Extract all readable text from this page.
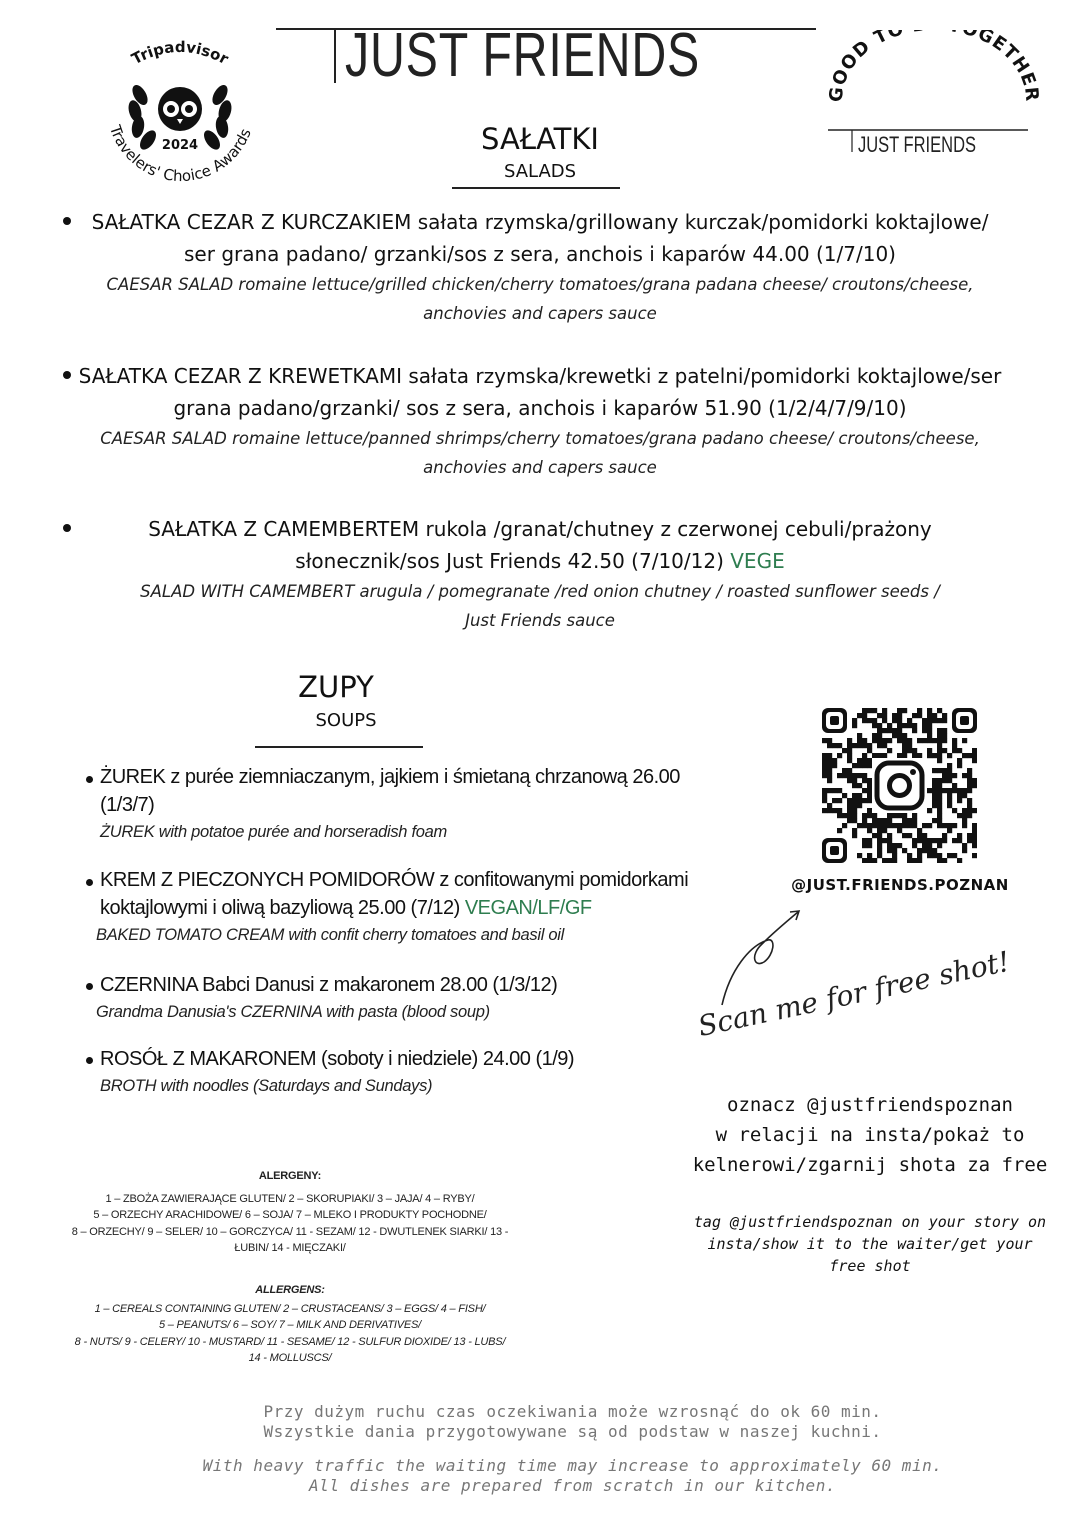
Tripadvisor
2024
Travelers' Choice Awards
JUST FRIENDS
GOOD TO GETHER
JUST FRIENDS
SAŁATKI
SALADS
SAŁATKA CEZAR Z KURCZAKIEM sałata rzymska/grillowany kurczak/pomidorki koktajlowe/
ser grana padano/ grzanki/sos z sera, anchois i kaparów 44.00 (1/7/10)
CAESAR SALAD romaine lettuce/grilled chicken/cherry tomatoes/grana padana cheese/ croutons/cheese,
anchovies and capers sauce
SAŁATKA CEZAR Z KREWETKAMI sałata rzymska/krewetki z patelni/pomidorki koktajlowe/ser
grana padano/grzanki/ sos z sera, anchois i kaparów 51.90 (1/2/4/7/9/10)
CAESAR SALAD romaine lettuce/panned shrimps/cherry tomatoes/grana padano cheese/ croutons/cheese,
anchovies and capers sauce
SAŁATKA Z CAMEMBERTEM rukola /granat/chutney z czerwonej cebuli/prażony
słonecznik/sos Just Friends 42.50 (7/10/12) VEGE
SALAD WITH CAMEMBERT arugula / pomegranate /red onion chutney / roasted sunflower seeds /
Just Friends sauce
ZUPY
SOUPS
ŻUREK z purée ziemniaczanym, jajkiem i śmietaną chrzanową 26.00
(1/3/7)
ŻUREK with potatoe purée and horseradish foam
KREM Z PIECZONYCH POMIDORÓW z confitowanymi pomidorkami
koktajlowymi i oliwą bazyliową 25.00 (7/12) VEGAN/LF/GF
BAKED TOMATO CREAM with confit cherry tomatoes and basil oil
CZERNINA Babci Danusi z makaronem 28.00 (1/3/12)
Grandma Danusia's CZERNINA with pasta (blood soup)
ROSÓŁ Z MAKARONEM (soboty i niedziele) 24.00 (1/9)
BROTH with noodles (Saturdays and Sundays)
ALERGENY:
1 – ZBOŻA ZAWIERAJĄCE GLUTEN/ 2 – SKORUPIAKI/ 3 – JAJA/ 4 – RYBY/
5 – ORZECHY ARACHIDOWE/ 6 – SOJA/ 7 – MLEKO I PRODUKTY POCHODNE/
8 – ORZECHY/ 9 – SELER/ 10 – GORCZYCA/ 11 - SEZAM/ 12 - DWUTLENEK SIARKI/ 13 -
ŁUBIN/ 14 - MIĘCZAKI/
ALLERGENS:
1 – CEREALS CONTAINING GLUTEN/ 2 – CRUSTACEANS/ 3 – EGGS/ 4 – FISH/
5 – PEANUTS/ 6 – SOY/ 7 – MILK AND DERIVATIVES/
8 - NUTS/ 9 - CELERY/ 10 - MUSTARD/ 11 - SESAME/ 12 - SULFUR DIOXIDE/ 13 - LUBS/
14 - MOLLUSCS/
@JUST.FRIENDS.POZNAN
Scan me for free shot!
oznacz @justfriendspoznan
w relacji na insta/pokaż to
kelnerowi/zgarnij shota za free
tag @justfriendspoznan on your story on
insta/show it to the waiter/get your
free shot
Przy dużym ruchu czas oczekiwania może wzrosnąć do ok 60 min.
Wszystkie dania przygotowywane są od podstaw w naszej kuchni.
With heavy traffic the waiting time may increase to approximately 60 min.
All dishes are prepared from scratch in our kitchen.
